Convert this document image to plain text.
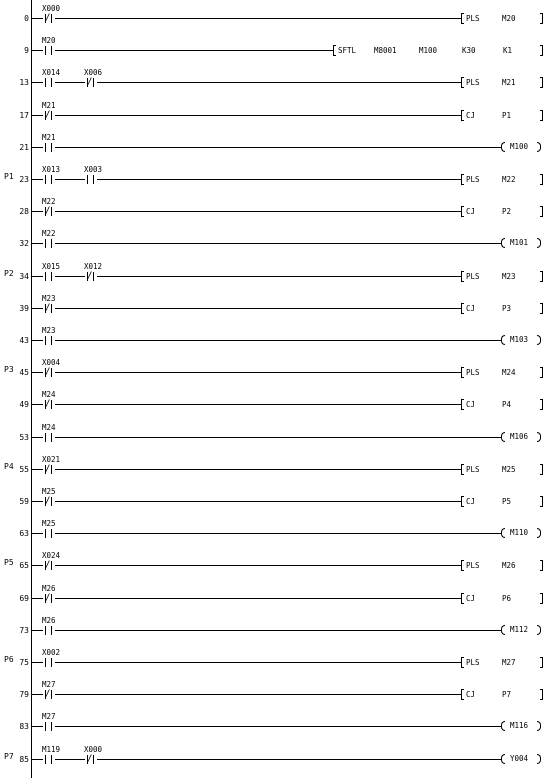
0
X000
/	PLS	M20
9
M20
SFTL M8001	M100	K30	K1
13
X014	X006
/	PLS	M21
17
M21
/	CJ	P1
21
M21
M100
P1 23
X013	X003
PLS	M22
28
M22
/	CJ	P2
32
M22
M101
P2 34
X015	X012
/	PLS	M23
39
M23
/	CJ	P3
43
M23
M103
P3 45
X004
/	PLS	M24
49
M24
/	CJ	P4
53
M24
M106
P4 55
X021
/	PLS	M25
59
M25
/	CJ	P5
63
M25
M110
P5 65
X024
/	PLS	M26
69
M26
/	CJ	P6
73
M26
M112
P6 75
X002
PLS	M27
79
M27
/	CJ	P7
83
M27
M116
P7 85
M119	X000
/	Y004
